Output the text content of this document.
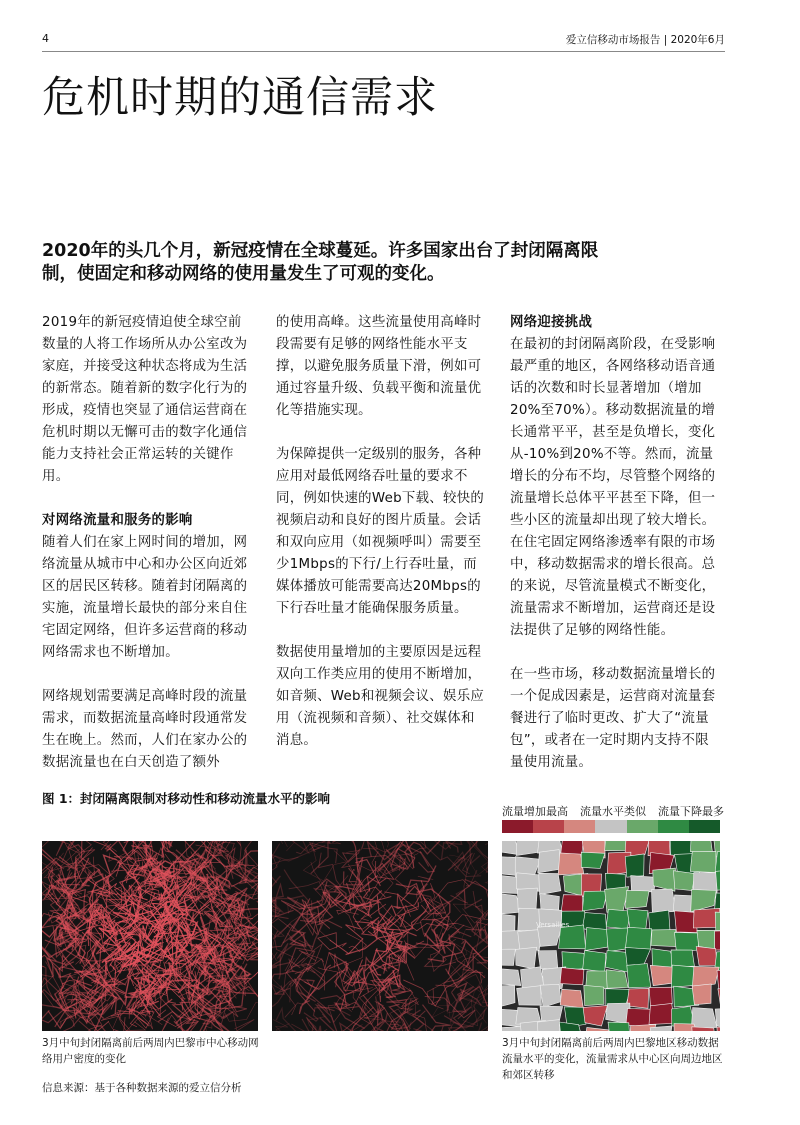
4	爱立信移动市场报告 | 2020年6月
危机时期的通信需求
2020年的头几个月，新冠疫情在全球蔓延。许多国家出台了封闭隔离限制，使固定和移动网络的使用量发生了可观的变化。

2019年的新冠疫情迫使全球空前数量的人将工作场所从办公室改为家庭，并接受这种状态将成为生活的新常态。随着新的数字化行为的形成，疫情也突显了通信运营商在危机时期以无懈可击的数字化通信能力支持社会正常运转的关键作用。

对网络流量和服务的影响

随着人们在家上网时间的增加，网络流量从城市中心和办公区向近郊区的居民区转移。随着封闭隔离的实施，流量增长最快的部分来自住宅固定网络，但许多运营商的移动网络需求也不断增加。

网络规划需要满足高峰时段的流量需求，而数据流量高峰时段通常发生在晚上。然而，人们在家办公的数据流量也在白天创造了额外

的使用高峰。这些流量使用高峰时段需要有足够的网络性能水平支撑，以避免服务质量下滑，例如可通过容量升级、负载平衡和流量优化等措施实现。

为保障提供一定级别的服务，各种应用对最低网络吞吐量的要求不同，例如快速的Web下载、较快的视频启动和良好的图片质量。会话和双向应用（如视频呼叫）需要至少1Mbps的下行/上行吞吐量，而媒体播放可能需要高达20Mbps的下行吞吐量才能确保服务质量。

数据使用量增加的主要原因是远程双向工作类应用的使用不断增加，如音频、Web和视频会议、娱乐应用（流视频和音频）、社交媒体和消息。

网络迎接挑战

在最初的封闭隔离阶段，在受影响最严重的地区，各网络移动语音通话的次数和时长显著增加（增加20%至70%）。移动数据流量的增长通常平平，甚至是负增长，变化从-10%到20%不等。然而，流量增长的分布不均，尽管整个网络的流量增长总体平平甚至下降，但一些小区的流量却出现了较大增长。在住宅固定网络渗透率有限的市场中，移动数据需求的增长很高。总的来说，尽管流量模式不断变化，流量需求不断增加，运营商还是设法提供了足够的网络性能。

在一些市场，移动数据流量增长的一个促成因素是，运营商对流量套餐进行了临时更改、扩大了“流量包”，或者在一定时期内支持不限量使用流量。

图 1：封闭隔离限制对移动性和移动流量水平的影响
流量增加最高 流量水平类似 流量下降最多
Versailles
3月中旬封闭隔离前后两周内巴黎市中心移动网络用户密度的变化
3月中旬封闭隔离前后两周内巴黎地区移动数据流量水平的变化，流量需求从中心区向周边地区和郊区转移
信息来源：基于各种数据来源的爱立信分析
